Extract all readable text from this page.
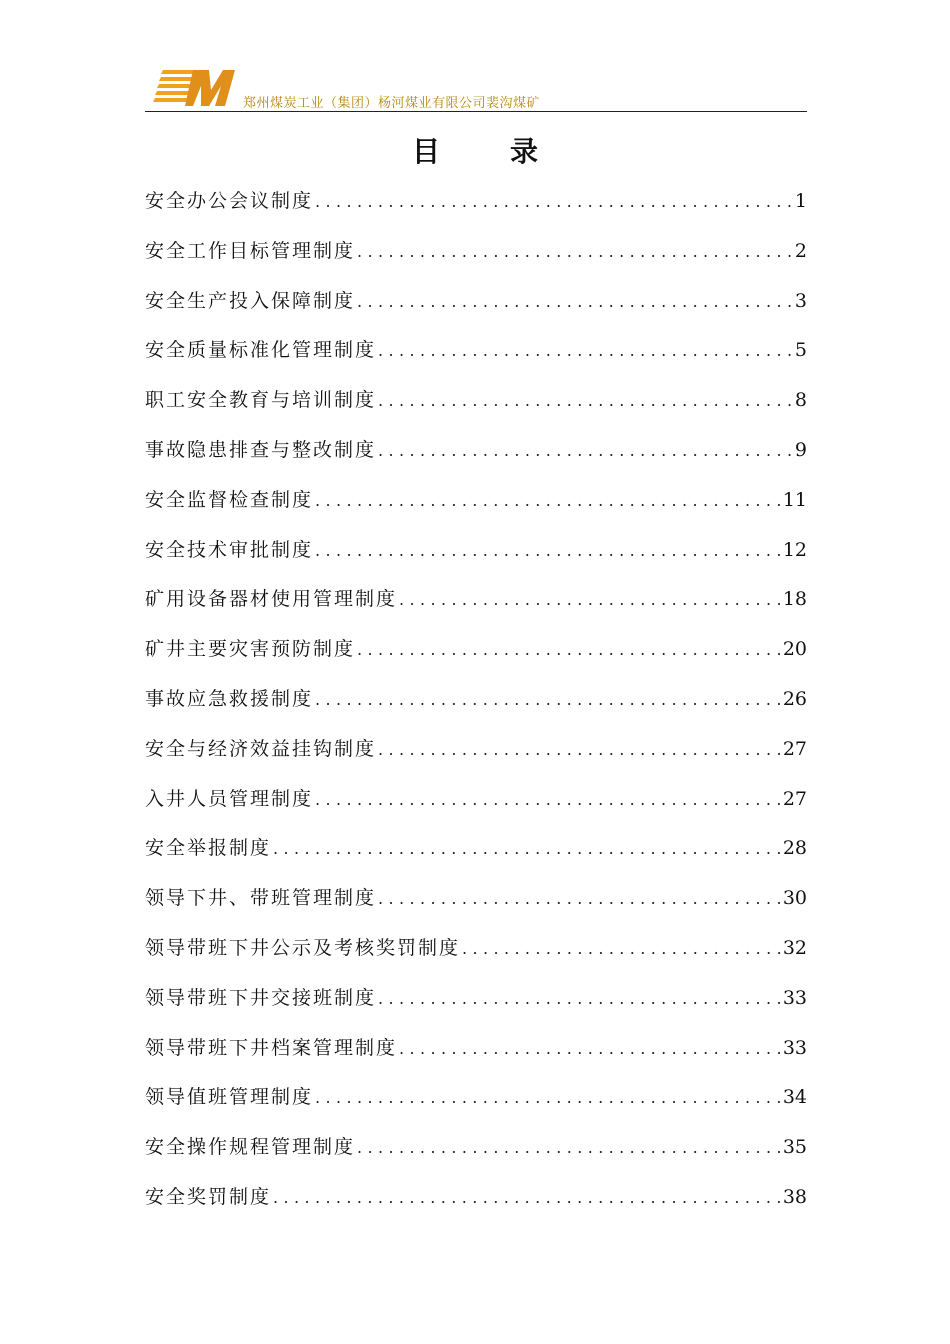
郑州煤炭工业（集团）杨河煤业有限公司裴沟煤矿
目录
安全办公会议制度 .....	1
安全工作目标管理制度 .....	2
安全生产投入保障制度 .....	3
安全质量标准化管理制度 .....	5
职工安全教育与培训制度 .....	8
事故隐患排查与整改制度 .....	9
安全监督检查制度 .....	11
安全技术审批制度 .....	12
矿用设备器材使用管理制度 .....	18
矿井主要灾害预防制度 .....	20
事故应急救援制度 .....	26
安全与经济效益挂钩制度 .....	27
入井人员管理制度 .....	27
安全举报制度 .....	28
领导下井、带班管理制度 .....	30
领导带班下井公示及考核奖罚制度 .....	32
领导带班下井交接班制度 .....	33
领导带班下井档案管理制度 .....	33
领导值班管理制度 .....	34
安全操作规程管理制度 .....	35
安全奖罚制度 .....	38
